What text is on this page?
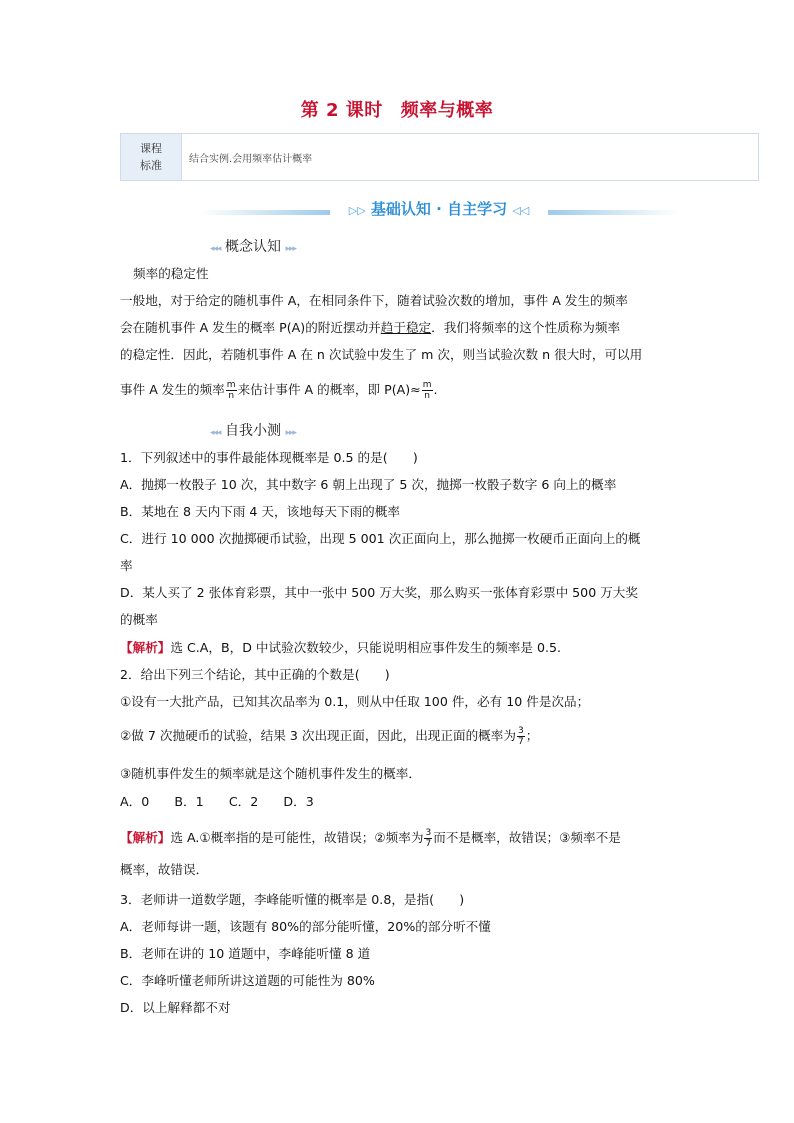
第 2 课时 频率与概率
课程
标准	结合实例.会用频率估计概率
▷▷ 基础认知 · 自主学习 ◁◁
◂◂◂ 概念认知 ▸▸▸
频率的稳定性
一般地，对于给定的随机事件 A，在相同条件下，随着试验次数的增加，事件 A 发生的频率
会在随机事件 A 发生的概率 P(A)的附近摆动并趋于稳定．我们将频率的这个性质称为频率
的稳定性．因此，若随机事件 A 在 n 次试验中发生了 m 次，则当试验次数 n 很大时，可以用
事件 A 发生的频率 $\frac{m}{n}$ 来估计事件 A 的概率，即 $P(A)\approx \frac{m}{n}$ .
◂◂◂ 自我小测 ▸▸▸
1．下列叙述中的事件最能体现概率是 0.5 的是(　　)
A．抛掷一枚骰子 10 次，其中数字 6 朝上出现了 5 次，抛掷一枚骰子数字 6 向上的概率
B．某地在 8 天内下雨 4 天，该地每天下雨的概率
C．进行 10 000 次抛掷硬币试验，出现 5 001 次正面向上，那么抛掷一枚硬币正面向上的概
率
D．某人买了 2 张体育彩票，其中一张中 500 万大奖，那么购买一张体育彩票中 500 万大奖
的概率
【解析】选 C.A，B，D 中试验次数较少，只能说明相应事件发生的频率是 0.5.
2．给出下列三个结论，其中正确的个数是(　　)
①设有一大批产品，已知其次品率为 0.1，则从中任取 100 件，必有 10 件是次品；
②做 7 次抛硬币的试验，结果 3 次出现正面，因此，出现正面的概率为 $\frac{3}{7}$ ；
③随机事件发生的频率就是这个随机事件发生的概率．
A．0　　B．1　　C．2　　D．3
【解析】选 A.①概率指的是可能性，故错误；②频率为 $\frac{3}{7}$ 而不是概率，故错误；③频率不是
概率，故错误．
3．老师讲一道数学题，李峰能听懂的概率是 0.8，是指(　　)
A．老师每讲一题，该题有 80%的部分能听懂，20%的部分听不懂
B．老师在讲的 10 道题中，李峰能听懂 8 道
C．李峰听懂老师所讲这道题的可能性为 80%
D．以上解释都不对
